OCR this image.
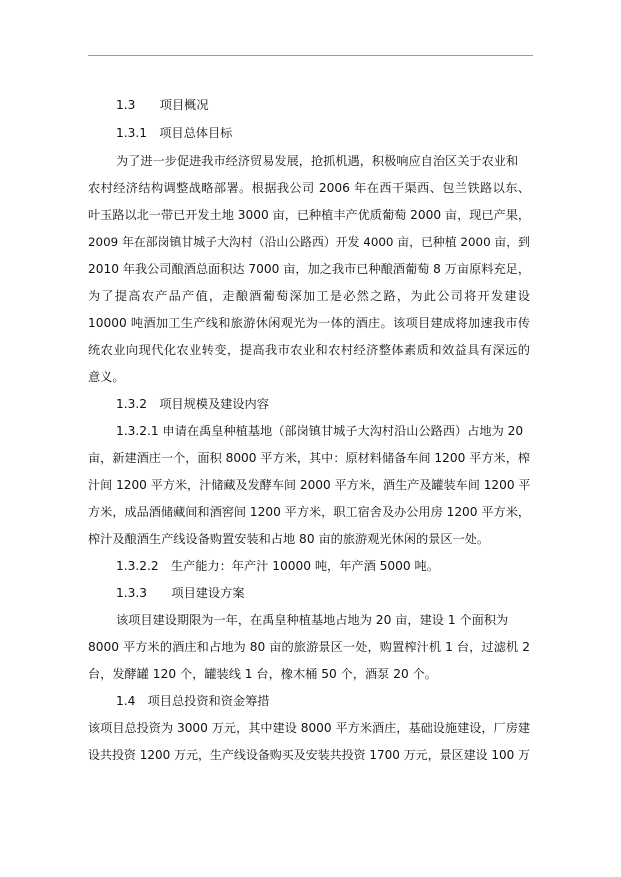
1.3　　项目概况
1.3.1　项目总体目标
为了进一步促进我市经济贸易发展，抢抓机遇，积极响应自治区关于农业和
农村经济结构调整战略部署。根据我公司 2006 年在西干渠西、包兰铁路以东、
叶玉路以北一带已开发土地 3000 亩，已种植丰产优质葡萄 2000 亩，现已产果，
2009 年在部岗镇甘城子大沟村（沿山公路西）开发 4000 亩，已种植 2000 亩，到
2010 年我公司酿酒总面积达 7000 亩，加之我市已种酿酒葡萄 8 万亩原料充足，
为了提高农产品产值，走酿酒葡萄深加工是必然之路，为此公司将开发建设
10000 吨酒加工生产线和旅游休闲观光为一体的酒庄。该项目建成将加速我市传
统农业向现代化农业转变，提高我市农业和农村经济整体素质和效益具有深远的
意义。
1.3.2　项目规模及建设内容
1.3.2.1 申请在禹皇种植基地（部岗镇甘城子大沟村沿山公路西）占地为 20
亩，新建酒庄一个，面积 8000 平方米，其中：原材料储备车间 1200 平方米，榨
汁间 1200 平方米，汁储藏及发酵车间 2000 平方米，酒生产及罐装车间 1200 平
方米，成品酒储藏间和酒窖间 1200 平方米，职工宿舍及办公用房 1200 平方米，
榨汁及酿酒生产线设备购置安装和占地 80 亩的旅游观光休闲的景区一处。
1.3.2.2　生产能力：年产汁 10000 吨，年产酒 5000 吨。
1.3.3　　项目建设方案
该项目建设期限为一年，在禹皇种植基地占地为 20 亩，建设 1 个面积为
8000 平方米的酒庄和占地为 80 亩的旅游景区一处，购置榨汁机 1 台，过滤机 2
台，发酵罐 120 个，罐装线 1 台，橡木桶 50 个，酒泵 20 个。
1.4　项目总投资和资金筹措
该项目总投资为 3000 万元，其中建设 8000 平方米酒庄，基础设施建设，厂房建
设共投资 1200 万元，生产线设备购买及安装共投资 1700 万元，景区建设 100 万
